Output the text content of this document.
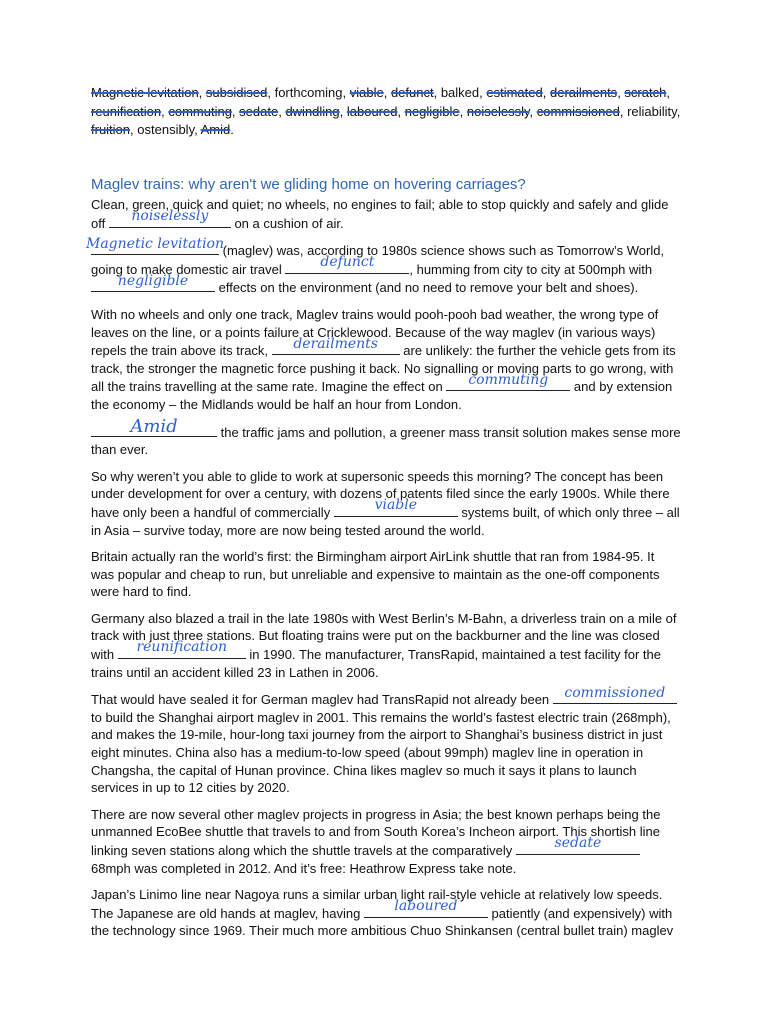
Magnetic levitation, subsidised, forthcoming, viable, defunct, balked, estimated, derailments, scratch, reunification, commuting, sedate, dwindling, laboured, negligible, noiselessly, commissioned, reliability, fruition, ostensibly, Amid.
Maglev trains: why aren't we gliding home on hovering carriages?

Clean, green, quick and quiet; no wheels, no engines to fail; able to stop quickly and safely and glide off noiselessly on a cushion of air.

Magnetic levitation
(maglev) was, according to 1980s science shows such as Tomorrow’s World, going to make domestic air travel	defunct	, humming from city to city at 500mph with
negligible effects on the environment (and no need to remove your belt and shoes).

With no wheels and only one track, Maglev trains would pooh-pooh bad weather, the wrong type of leaves on the line, or a points failure at Cricklewood. Because of the way maglev (in various ways) repels the train above its track, derailments are unlikely: the further the vehicle gets from its track, the stronger the magnetic force pushing it back. No signalling or moving parts to go wrong, with all the trains travelling at the same rate. Imagine the effect on commuting and by extension the economy – the Midlands would be half an hour from London.

Amid	the traffic jams and pollution, a greener mass transit solution makes sense more than ever.

So why weren’t you able to glide to work at supersonic speeds this morning? The concept has been under development for over a century, with dozens of patents filed since the early 1900s. While there have only been a handful of commercially	viable	systems built, of which only three – all in Asia – survive today, more are now being tested around the world.

Britain actually ran the world’s first: the Birmingham airport AirLink shuttle that ran from 1984-95. It was popular and cheap to run, but unreliable and expensive to maintain as the one-off components were hard to find.

Germany also blazed a trail in the late 1980s with West Berlin’s M-Bahn, a driverless train on a mile of track with just three stations. But floating trains were put on the backburner and the line was closed with reunification in 1990. The manufacturer, TransRapid, maintained a test facility for the trains until an accident killed 23 in Lathen in 2006.

That would have sealed it for German maglev had TransRapid not already been commissioned
to build the Shanghai airport maglev in 2001. This remains the world’s fastest electric train (268mph), and makes the 19-mile, hour-long taxi journey from the airport to Shanghai’s business district in just eight minutes. China also has a medium-to-low speed (about 99mph) maglev line in operation in Changsha, the capital of Hunan province. China likes maglev so much it says it plans to launch services in up to 12 cities by 2020.

There are now several other maglev projects in progress in Asia; the best known perhaps being the unmanned EcoBee shuttle that travels to and from South Korea’s Incheon airport. This shortish line linking seven stations along which the shuttle travels at the comparatively	sedate
68mph was completed in 2012. And it’s free: Heathrow Express take note.

Japan’s Linimo line near Nagoya runs a similar urban light rail-style vehicle at relatively low speeds. The Japanese are old hands at maglev, having laboured patiently (and expensively) with the technology since 1969. Their much more ambitious Chuo Shinkansen (central bullet train) maglev
